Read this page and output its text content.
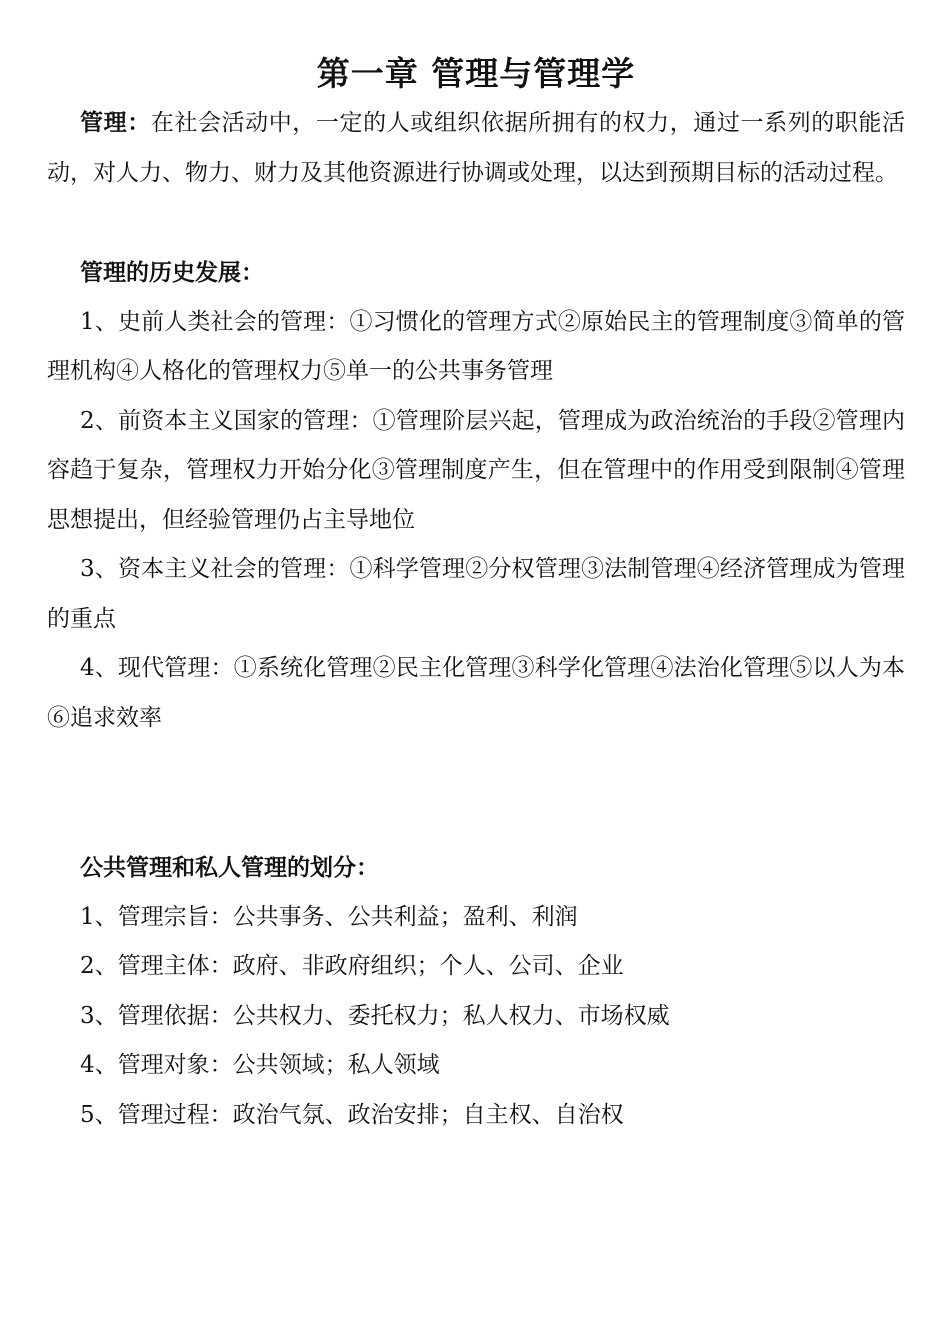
第一章 管理与管理学

管理：在社会活动中，一定的人或组织依据所拥有的权力，通过一系列的职能活动，对人力、物力、财力及其他资源进行协调或处理，以达到预期目标的活动过程。

管理的历史发展：

1、史前人类社会的管理：①习惯化的管理方式②原始民主的管理制度③简单的管理机构④人格化的管理权力⑤单一的公共事务管理

2、前资本主义国家的管理：①管理阶层兴起，管理成为政治统治的手段②管理内容趋于复杂，管理权力开始分化③管理制度产生，但在管理中的作用受到限制④管理思想提出，但经验管理仍占主导地位

3、资本主义社会的管理：①科学管理②分权管理③法制管理④经济管理成为管理的重点

4、现代管理：①系统化管理②民主化管理③科学化管理④法治化管理⑤以人为本⑥追求效率

公共管理和私人管理的划分：

1、管理宗旨：公共事务、公共利益；盈利、利润

2、管理主体：政府、非政府组织；个人、公司、企业

3、管理依据：公共权力、委托权力；私人权力、市场权威

4、管理对象：公共领域；私人领域

5、管理过程：政治气氛、政治安排；自主权、自治权
